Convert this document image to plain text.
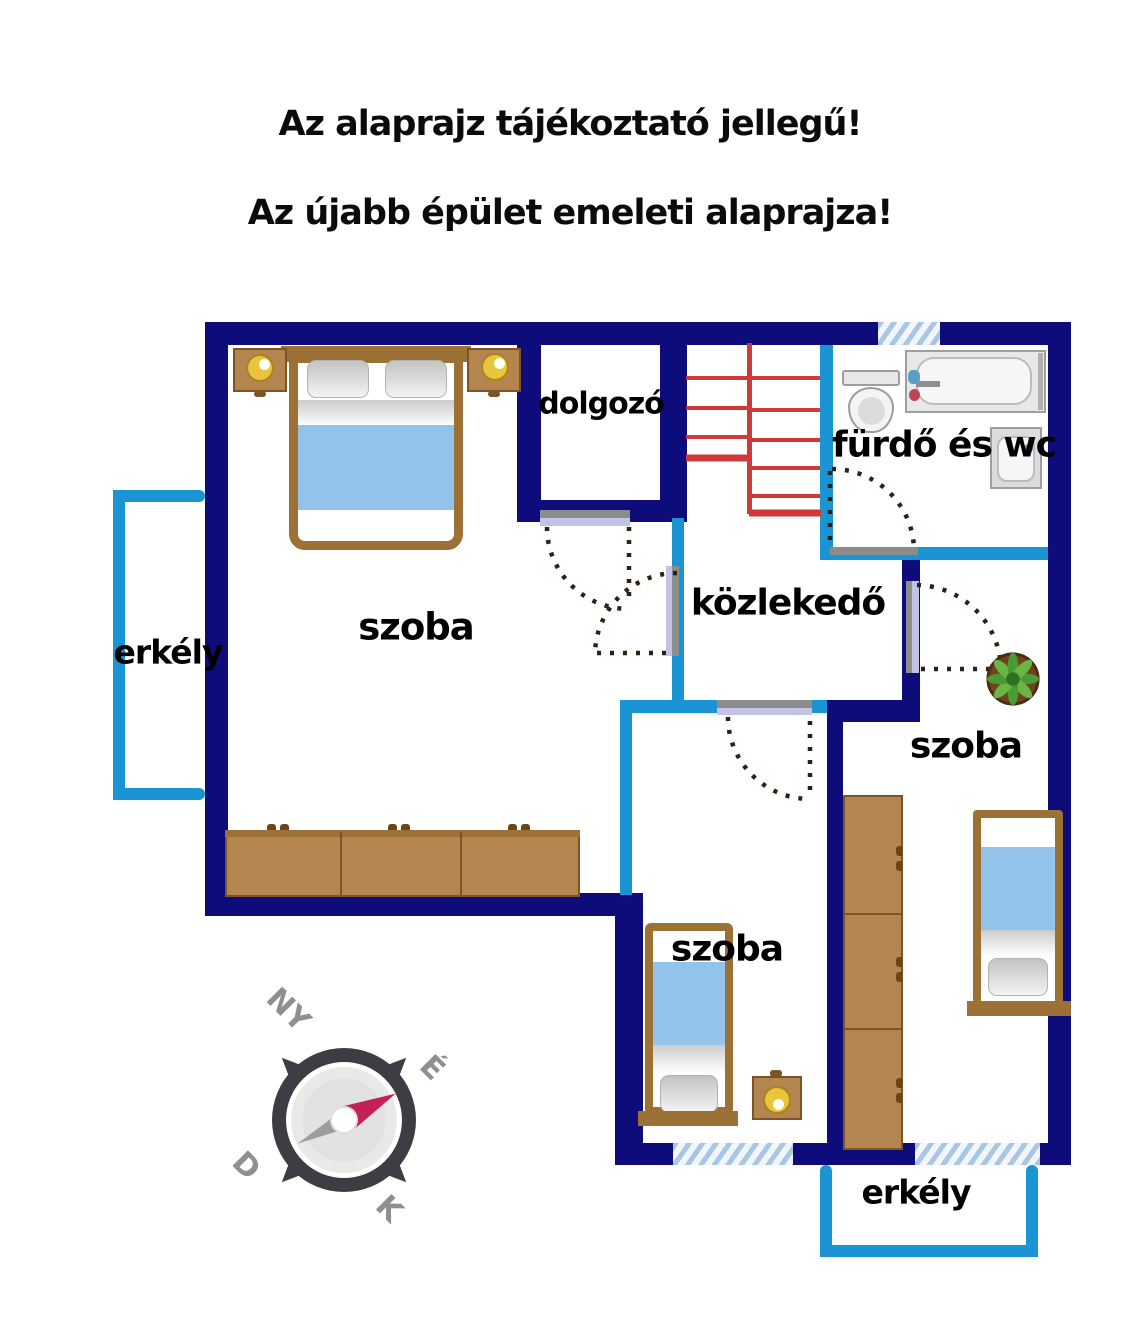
Az alaprajz tájékoztató jellegű!
Az újabb épület emeleti alaprajza!
NY
É
D
K
szoba
dolgozó
fürdő és wc
közlekedő
szoba
szoba
erkély
erkély
